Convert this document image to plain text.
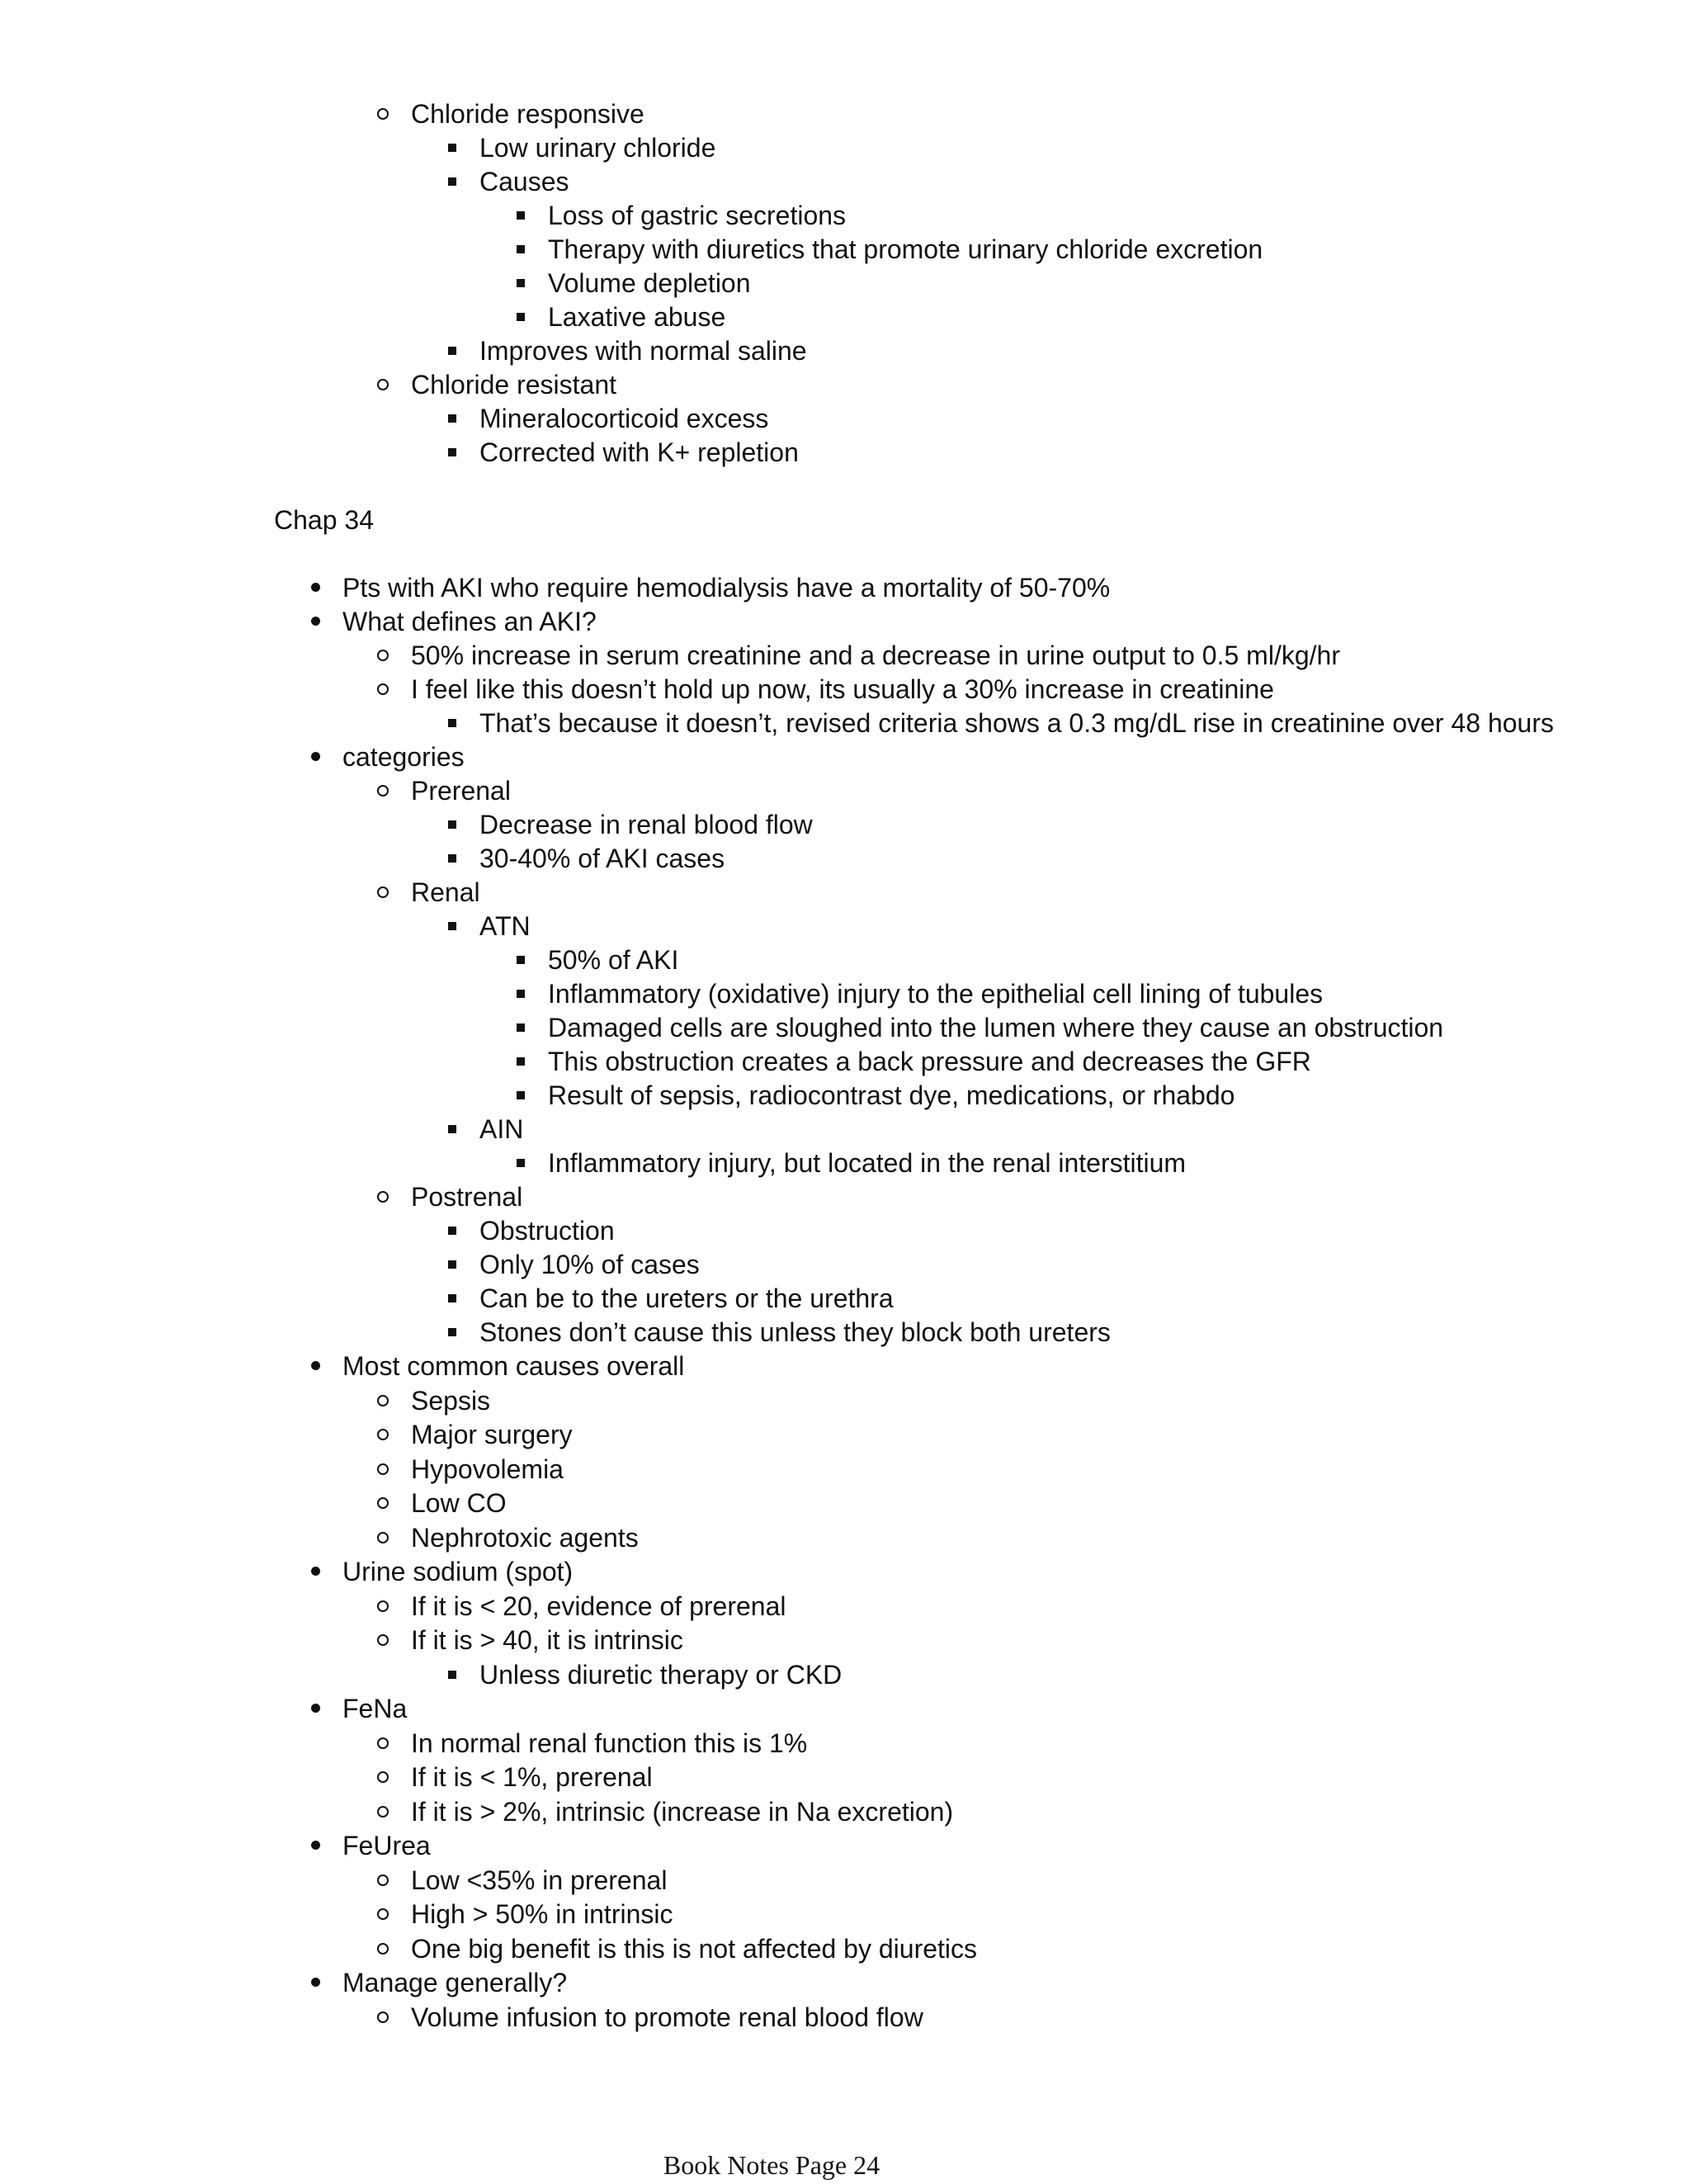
Chloride responsive
Low urinary chloride
Causes
Loss of gastric secretions
Therapy with diuretics that promote urinary chloride excretion
Volume depletion
Laxative abuse
Improves with normal saline
Chloride resistant
Mineralocorticoid excess
Corrected with K+ repletion
Chap 34
Pts with AKI who require hemodialysis have a mortality of 50-70%
What defines an AKI?
50% increase in serum creatinine and a decrease in urine output to 0.5 ml/kg/hr
I feel like this doesn’t hold up now, its usually a 30% increase in creatinine
That’s because it doesn’t, revised criteria shows a 0.3 mg/dL rise in creatinine over 48 hours
categories
Prerenal
Decrease in renal blood flow
30-40% of AKI cases
Renal
ATN
50% of AKI
Inflammatory (oxidative) injury to the epithelial cell lining of tubules
Damaged cells are sloughed into the lumen where they cause an obstruction
This obstruction creates a back pressure and decreases the GFR
Result of sepsis, radiocontrast dye, medications, or rhabdo
AIN
Inflammatory injury, but located in the renal interstitium
Postrenal
Obstruction
Only 10% of cases
Can be to the ureters or the urethra
Stones don’t cause this unless they block both ureters
Most common causes overall
Sepsis
Major surgery
Hypovolemia
Low CO
Nephrotoxic agents
Urine sodium (spot)
If it is < 20, evidence of prerenal
If it is > 40, it is intrinsic
Unless diuretic therapy or CKD
FeNa
In normal renal function this is 1%
If it is < 1%, prerenal
If it is > 2%, intrinsic (increase in Na excretion)
FeUrea
Low <35% in prerenal
High > 50% in intrinsic
One big benefit is this is not affected by diuretics
Manage generally?
Volume infusion to promote renal blood flow
Book Notes Page 24
